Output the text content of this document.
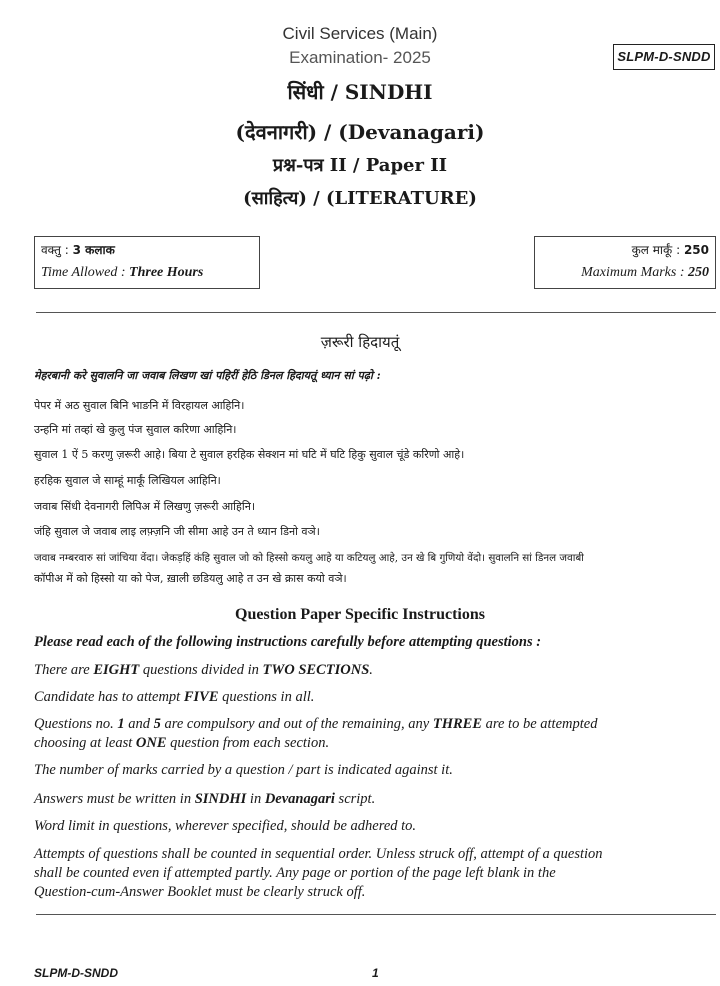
Civil Services (Main)
Examination- 2025	SLPM-D-SNDD
सिंधी / SINDHI
(देवनागरी) / (Devanagari)
प्रश्न-पत्र II / Paper II
(साहित्य) / (LITERATURE)
वक्तु : 3 कलाक
Time Allowed : Three Hours
कुल मार्कूं : 250
Maximum Marks : 250
ज़रूरी हिदायतूं
मेहरबानी करे सुवालनि जा जवाब लिखण खां पहिरीं हेठि डिनल हिदायतूं ध्यान सां पढ़ो :
पेपर में अठ सुवाल बिनि भाङनि में विरहायल आहिनि।
उन्हनि मां तव्हां खे कुलु पंज सुवाल करिणा आहिनि।
सुवाल 1 ऐं 5 करणु ज़रूरी आहे। बिया टे सुवाल हरहिक सेक्शन मां घटि में घटि हिकु सुवाल चूंडे करिणो आहे।
हरहिक सुवाल जे साम्हूं मार्कूं लिखियल आहिनि।
जवाब सिंधी देवनागरी लिपिअ में लिखणु ज़रूरी आहिनि।
जंहि सुवाल जे जवाब लाइ लफ़्ज़नि जी सीमा आहे उन ते ध्यान डिनो वञे।
जवाब नम्बरवारु सां जांचिया वेंदा। जेकड़हिं कंहि सुवाल जो को हिस्सो कयलु आहे या कटियलु आहे, उन खे बि गुणियो वेंदो। सुवालनि सां डिनल जवाबी
कॉपीअ में को हिस्सो या को पेज, ख़ाली छडियलु आहे त उन खे क्रास कयो वञे।
Question Paper Specific Instructions
Please read each of the following instructions carefully before attempting questions :
There are EIGHT questions divided in TWO SECTIONS.
Candidate has to attempt FIVE questions in all.
Questions no. 1 and 5 are compulsory and out of the remaining, any THREE are to be attempted
choosing at least ONE question from each section.
The number of marks carried by a question / part is indicated against it.
Answers must be written in SINDHI in Devanagari script.
Word limit in questions, wherever specified, should be adhered to.
Attempts of questions shall be counted in sequential order. Unless struck off, attempt of a question
shall be counted even if attempted partly. Any page or portion of the page left blank in the
Question-cum-Answer Booklet must be clearly struck off.
SLPM-D-SNDD	1
